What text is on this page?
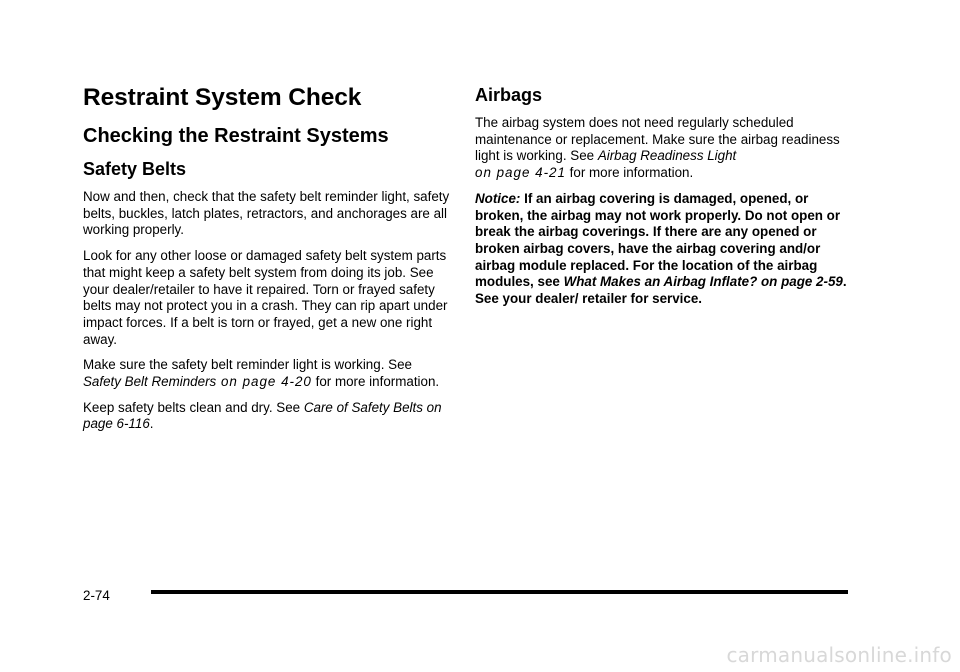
Restraint System Check
Checking the Restraint Systems
Safety Belts

Now and then, check that the safety belt reminder light, safety belts, buckles, latch plates, retractors, and anchorages are all working properly.

Look for any other loose or damaged safety belt system parts that might keep a safety belt system from doing its job. See your dealer/retailer to have it repaired. Torn or frayed safety belts may not protect you in a crash. They can rip apart under impact forces. If a belt is torn or frayed, get a new one right away.

Make sure the safety belt reminder light is working. See Safety Belt Reminders on page 4-20 for more information.

Keep safety belts clean and dry. See Care of Safety Belts on page 6-116.

Airbags

The airbag system does not need regularly scheduled maintenance or replacement. Make sure the airbag readiness light is working. See Airbag Readiness Light
on page 4-21 for more information.

Notice: If an airbag covering is damaged, opened, or broken, the airbag may not work properly. Do not open or break the airbag coverings. If there are any opened or broken airbag covers, have the airbag covering and/or airbag module replaced. For the location of the airbag modules, see What Makes an Airbag Inflate? on page 2-59. See your dealer/ retailer for service.

2-74
carmanualsonline.info
